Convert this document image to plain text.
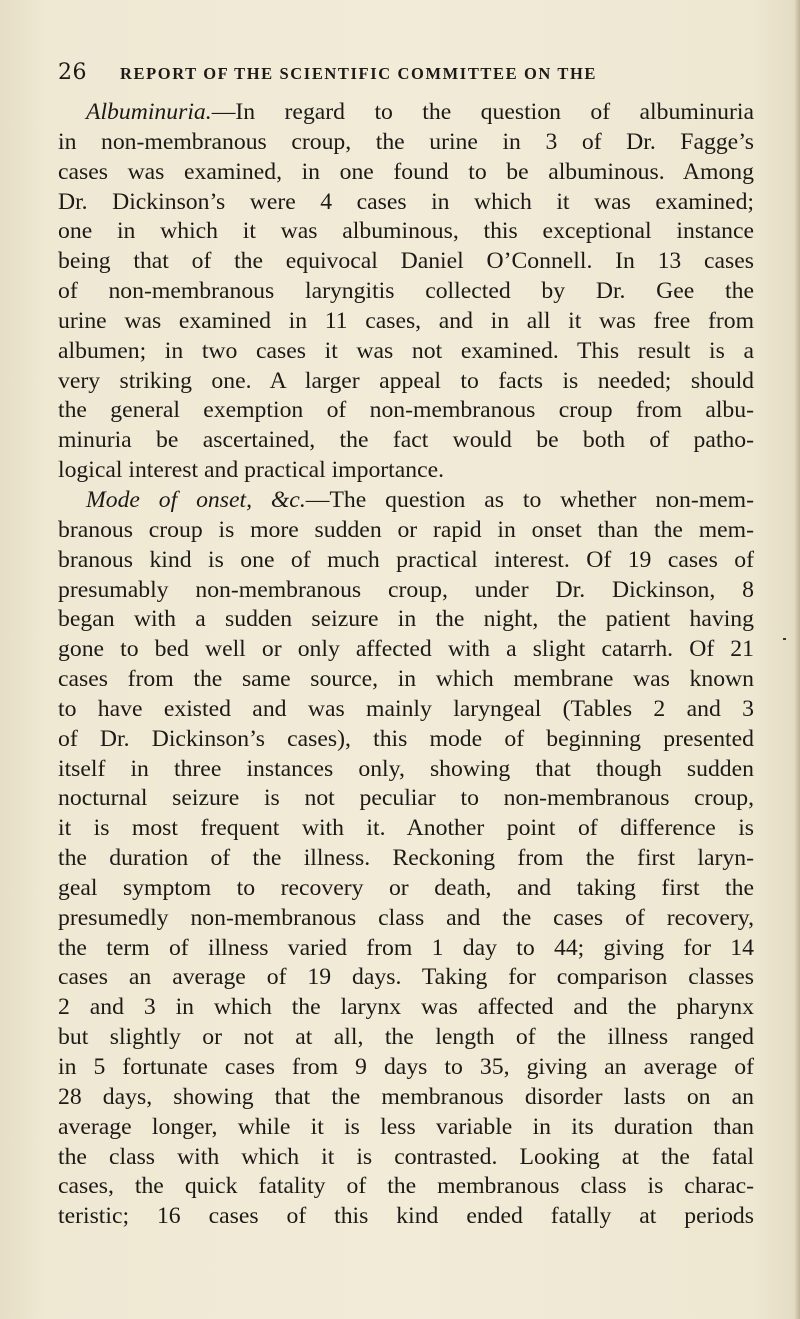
26 REPORT OF THE SCIENTIFIC COMMITTEE ON THE
Albuminuria.—In regard to the question of albuminuria
in non-membranous croup, the urine in 3 of Dr. Fagge’s
cases was examined, in one found to be albuminous. Among
Dr. Dickinson’s were 4 cases in which it was examined;
one in which it was albuminous, this exceptional instance
being that of the equivocal Daniel O’Connell. In 13 cases
of non-membranous laryngitis collected by Dr. Gee the
urine was examined in 11 cases, and in all it was free from
albumen; in two cases it was not examined. This result is a
very striking one. A larger appeal to facts is needed; should
the general exemption of non-membranous croup from albu-
minuria be ascertained, the fact would be both of patho-
logical interest and practical importance.
Mode of onset, &c.—The question as to whether non-mem-
branous croup is more sudden or rapid in onset than the mem-
branous kind is one of much practical interest. Of 19 cases of
presumably non-membranous croup, under Dr. Dickinson, 8
began with a sudden seizure in the night, the patient having
gone to bed well or only affected with a slight catarrh. Of 21
cases from the same source, in which membrane was known
to have existed and was mainly laryngeal (Tables 2 and 3
of Dr. Dickinson’s cases), this mode of beginning presented
itself in three instances only, showing that though sudden
nocturnal seizure is not peculiar to non-membranous croup,
it is most frequent with it. Another point of difference is
the duration of the illness. Reckoning from the first laryn-
geal symptom to recovery or death, and taking first the
presumedly non-membranous class and the cases of recovery,
the term of illness varied from 1 day to 44; giving for 14
cases an average of 19 days. Taking for comparison classes
2 and 3 in which the larynx was affected and the pharynx
but slightly or not at all, the length of the illness ranged
in 5 fortunate cases from 9 days to 35, giving an average of
28 days, showing that the membranous disorder lasts on an
average longer, while it is less variable in its duration than
the class with which it is contrasted. Looking at the fatal
cases, the quick fatality of the membranous class is charac-
teristic; 16 cases of this kind ended fatally at periods
